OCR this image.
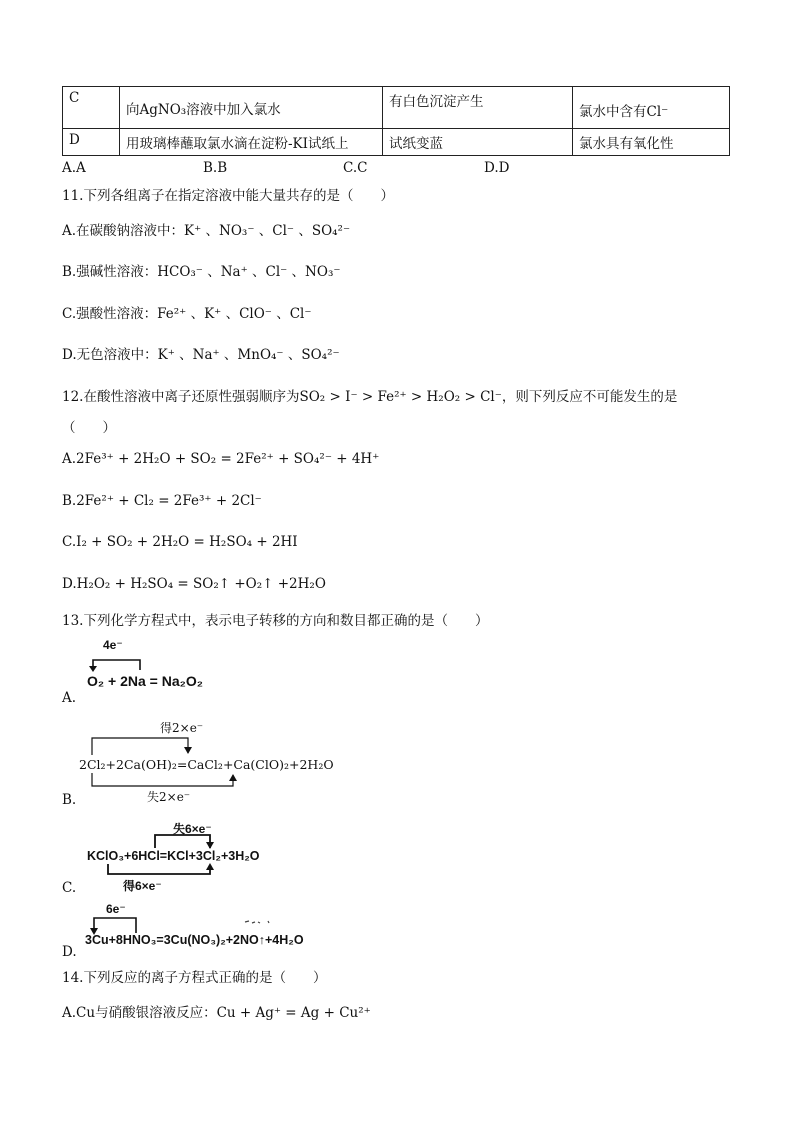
C	向AgNO₃溶液中加入氯水	有白色沉淀产生	氯水中含有Cl⁻

D	用玻璃棒蘸取氯水滴在淀粉-KI试纸上	试纸变蓝	氯水具有氧化性
A.A	B.B	C.C	D.D
11.下列各组离子在指定溶液中能大量共存的是（　　）
A.在碳酸钠溶液中：K⁺ 、NO₃⁻ 、Cl⁻ 、SO₄²⁻
B.强碱性溶液：HCO₃⁻ 、Na⁺ 、Cl⁻ 、NO₃⁻
C.强酸性溶液：Fe²⁺ 、K⁺ 、ClO⁻ 、Cl⁻
D.无色溶液中：K⁺ 、Na⁺ 、MnO₄⁻ 、SO₄²⁻
12.在酸性溶液中离子还原性强弱顺序为SO₂ > I⁻ > Fe²⁺ > H₂O₂ > Cl⁻，则下列反应不可能发生的是
（　　）
A.2Fe³⁺ + 2H₂O + SO₂ = 2Fe²⁺ + SO₄²⁻ + 4H⁺
B.2Fe²⁺ + Cl₂ = 2Fe³⁺ + 2Cl⁻
C.I₂ + SO₂ + 2H₂O = H₂SO₄ + 2HI
D.H₂O₂ + H₂SO₄ = SO₂↑ +O₂↑ +2H₂O
13.下列化学方程式中，表示电子转移的方向和数目都正确的是（　　）
A.
4e⁻
O₂ + 2Na = Na₂O₂
B.
得2×e⁻
2Cl₂+2Ca(OH)₂=CaCl₂+Ca(ClO)₂+2H₂O
失2×e⁻
C.
失6×e⁻
KClO₃+6HCl=KCl+3Cl₂+3H₂O
得6×e⁻
D.
6e⁻
3Cu+8HNO₃=3Cu(NO₃)₂+2NO↑+4H₂O
14.下列反应的离子方程式正确的是（　　）
A.Cu与硝酸银溶液反应：Cu + Ag⁺ = Ag + Cu²⁺
